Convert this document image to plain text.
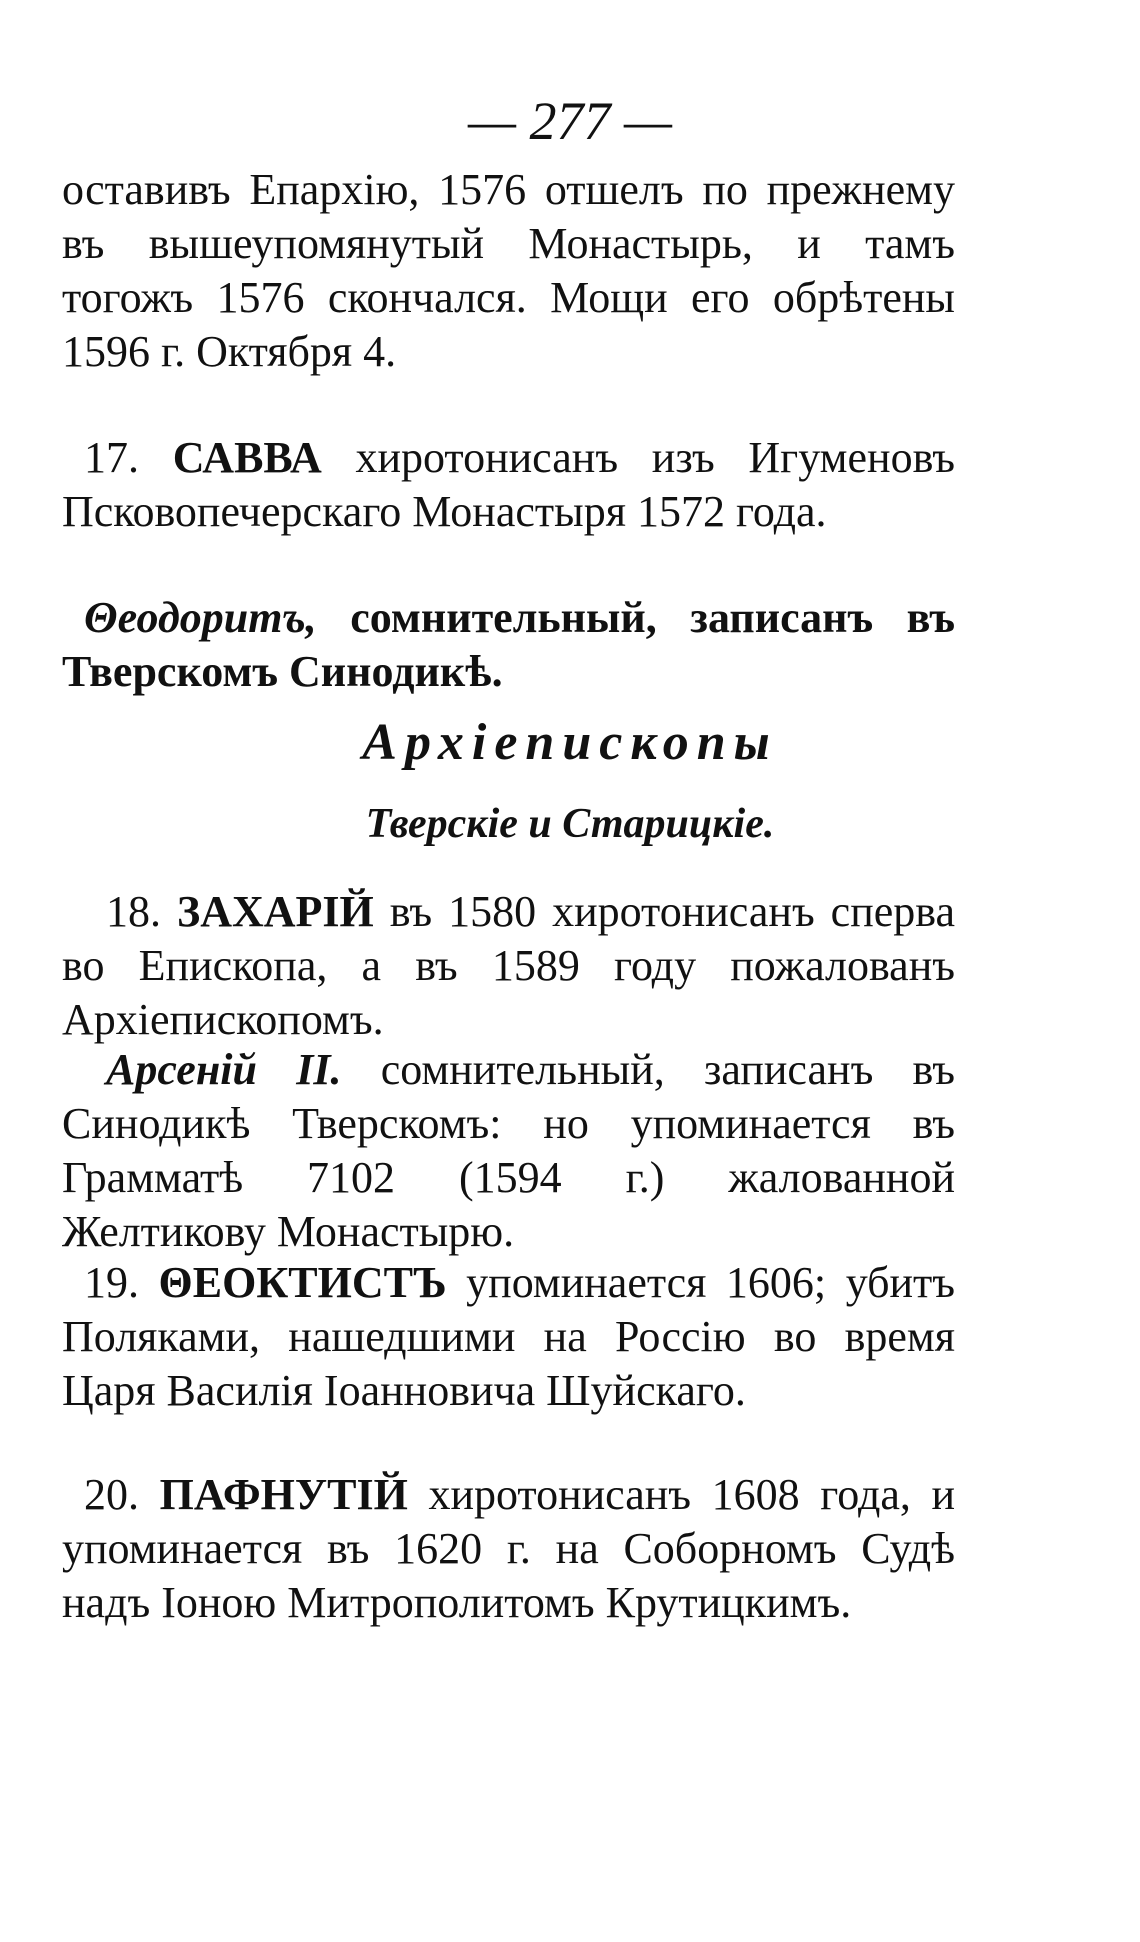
— 277 —
оставивъ Епархію, 1576 отшелъ по прежнему въ вышеупомянутый Монастырь, и тамъ тогожъ 1576 скончался. Мощи его обрѣтены 1596 г. Октября 4.
17. САВВА хиротонисанъ изъ Игуменовъ Псковопечерскаго Монастыря 1572 года.
Θеодоритъ, сомнительный, записанъ въ Тверскомъ Синодикѣ.
Архіепископы
Тверскіе и Старицкіе.
18. ЗАХАРІЙ въ 1580 хиротонисанъ сперва во Епископа, а въ 1589 году пожалованъ Архіепископомъ.
Арсеній II. сомнительный, записанъ въ Синодикѣ Тверскомъ: но упоминается въ Грамматѣ 7102 (1594 г.) жалованной Желтикову Монастырю.
19. ΘЕОКТИСТЪ упоминается 1606; убитъ Поляками, нашедшими на Россію во время Царя Василія Іоанновича Шуйскаго.
20. ПАФНУТІЙ хиротонисанъ 1608 года, и упоминается въ 1620 г. на Соборномъ Судѣ надъ Іоною Митрополитомъ Крутицкимъ.
